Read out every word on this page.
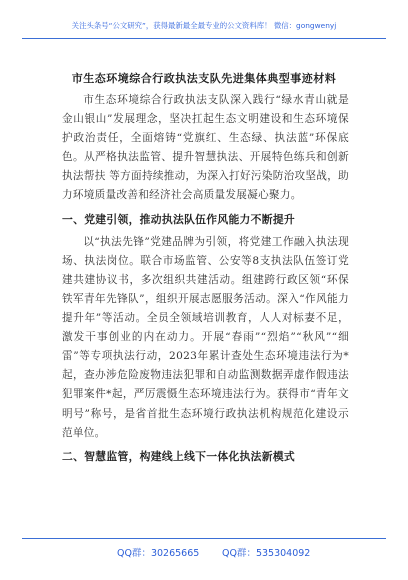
关注头条号“公文研究”，获得最新最全最专业的公文资料库！ 微信：gongwenyj
市生态环境综合行政执法支队先进集体典型事迹材料

市生态环境综合行政执法支队深入践行“绿水青山就是金山银山”发展理念，坚决扛起生态文明建设和生态环境保护政治责任，全面熔铸“党旗红、生态绿、执法蓝”环保底色。从严格执法监管、提升智慧执法、开展特色练兵和创新执法帮扶 等方面持续推动，为深入打好污染防治攻坚战，助力环境质量改善和经济社会高质量发展凝心聚力。

一、党建引领，推动执法队伍作风能力不断提升

以“执法先锋”党建品牌为引领，将党建工作融入执法现场、执法岗位。联合市场监管、公安等8支执法队伍签订党建共建协议书，多次组织共建活动。组建跨行政区领“环保铁军青年先锋队”，组织开展志愿服务活动。深入“作风能力提升年”等活动。全员全领域培训教育，人人对标妻不足，激发干事创业的内在动力。开展“春雨”“烈焰”“秋风”“细雷”等专项执法行动，2023年累计查处生态环境违法行为*起，查办涉危险废物违法犯罪和自动监测数据弄虚作假违法犯罪案件*起，严厉震慑生态环境违法行为。获得市“青年文明号”称号，是省首批生态环境行政执法机构规范化建设示范单位。

二、智慧监管，构建线上线下一体化执法新模式

QQ群：30265665 QQ群：535304092
